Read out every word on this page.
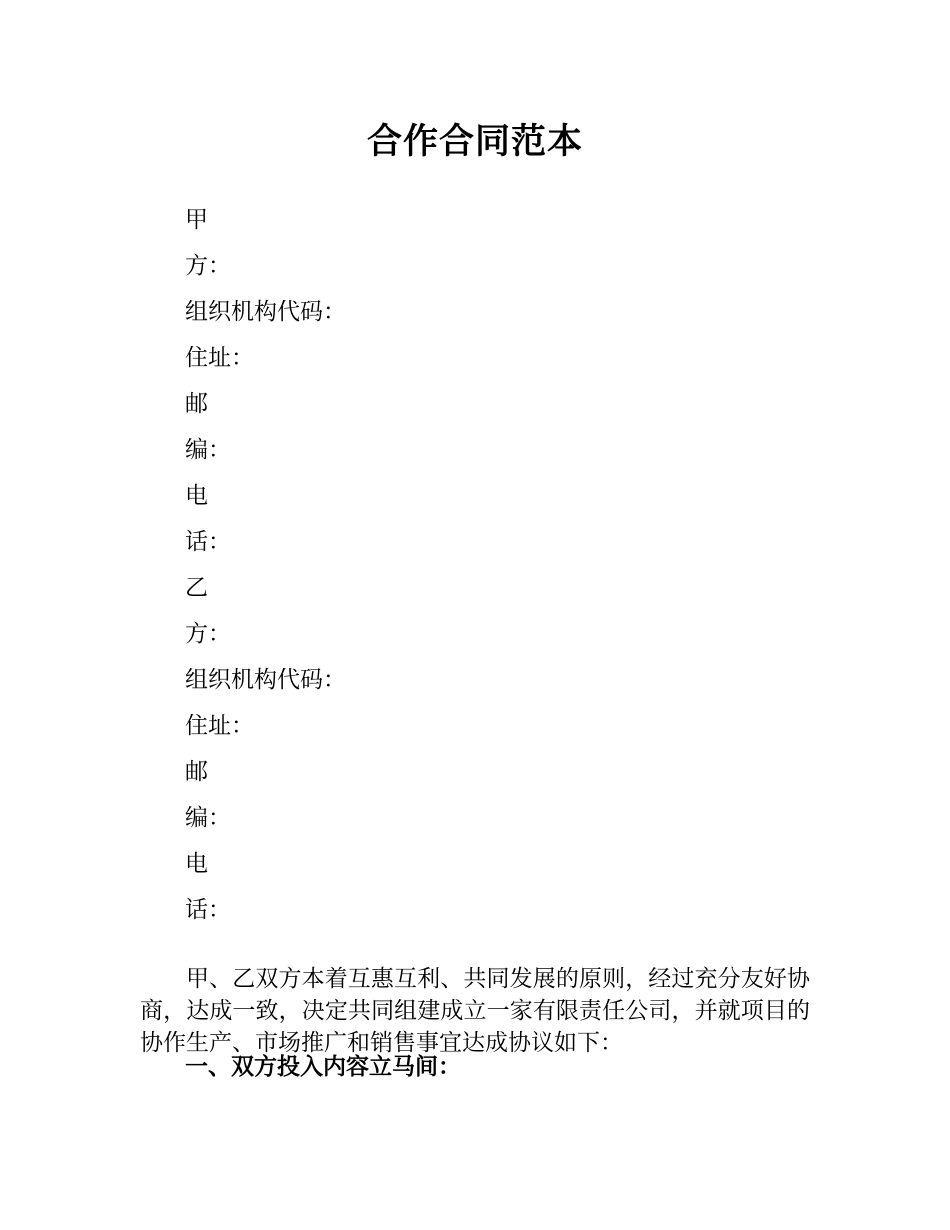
合作合同范本
甲
方：
组织机构代码：
住址：
邮
编：
电
话：
乙
方：
组织机构代码：
住址：
邮
编：
电
话：

甲、乙双方本着互惠互利、共同发展的原则，经过充分友好协商，达成一致，决定共同组建成立一家有限责任公司，并就项目的协作生产、市场推广和销售事宜达成协议如下：

一、双方投入内容立马间：
